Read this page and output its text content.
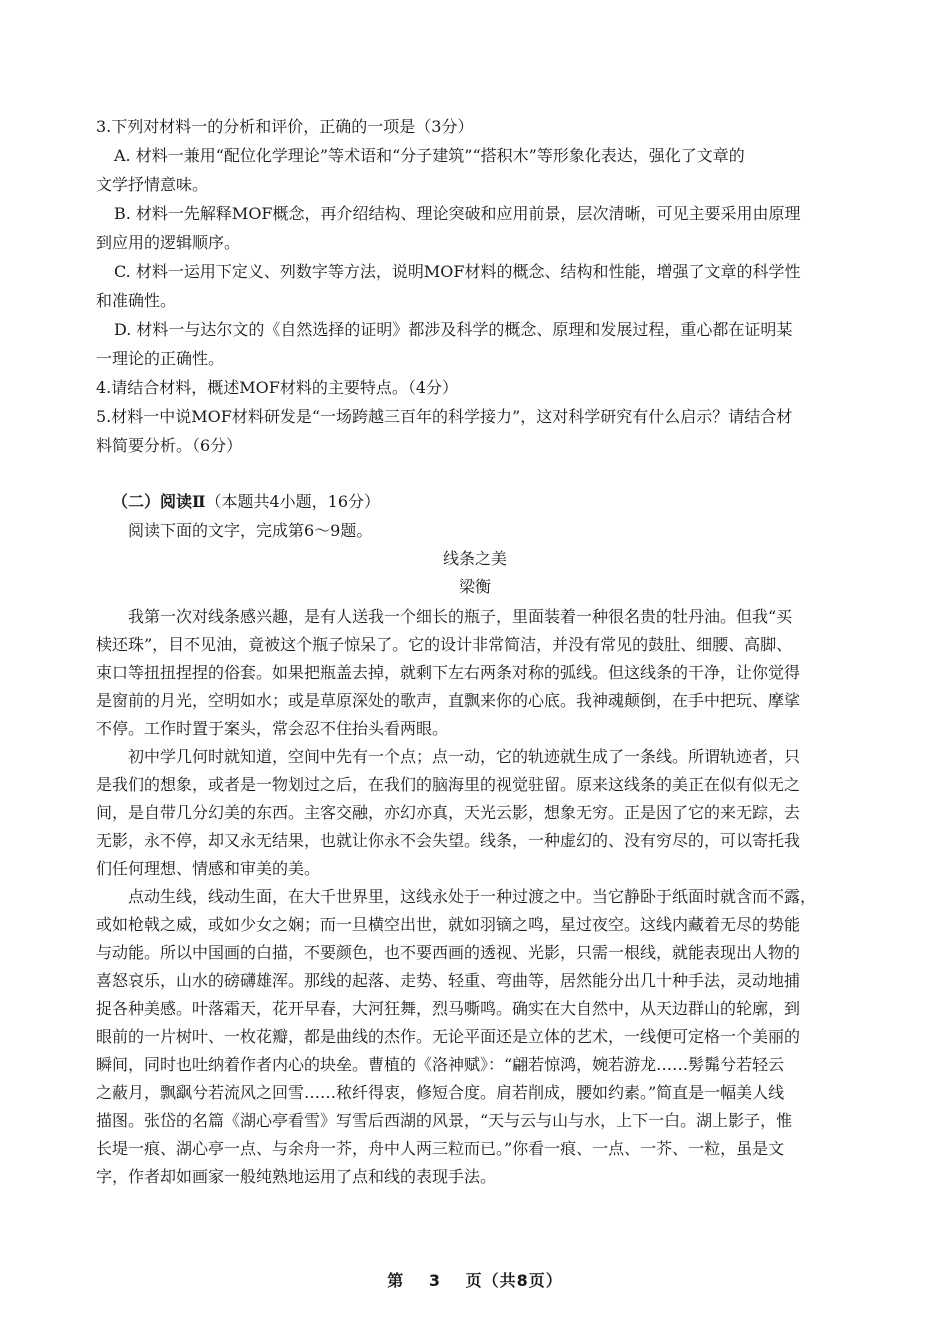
3.下列对材料一的分析和评价，正确的一项是（3分）
A. 材料一兼用“配位化学理论”等术语和“分子建筑”“搭积木”等形象化表达，强化了文章的
文学抒情意味。
B. 材料一先解释MOF概念，再介绍结构、理论突破和应用前景，层次清晰，可见主要采用由原理
到应用的逻辑顺序。
C. 材料一运用下定义、列数字等方法，说明MOF材料的概念、结构和性能，增强了文章的科学性
和准确性。
D. 材料一与达尔文的《自然选择的证明》都涉及科学的概念、原理和发展过程，重心都在证明某
一理论的正确性。
4.请结合材料，概述MOF材料的主要特点。（4分）
5.材料一中说MOF材料研发是“一场跨越三百年的科学接力”，这对科学研究有什么启示？请结合材
料简要分析。（6分）
（二）阅读Ⅱ（本题共4小题，16分）
阅读下面的文字，完成第6～9题。
线条之美
梁衡
我第一次对线条感兴趣，是有人送我一个细长的瓶子，里面装着一种很名贵的牡丹油。但我“买
椟还珠”，目不见油，竟被这个瓶子惊呆了。它的设计非常简洁，并没有常见的鼓肚、细腰、高脚、
束口等扭扭捏捏的俗套。如果把瓶盖去掉，就剩下左右两条对称的弧线。但这线条的干净，让你觉得
是窗前的月光，空明如水；或是草原深处的歌声，直飘来你的心底。我神魂颠倒，在手中把玩、摩挲
不停。工作时置于案头，常会忍不住抬头看两眼。
初中学几何时就知道，空间中先有一个点；点一动，它的轨迹就生成了一条线。所谓轨迹者，只
是我们的想象，或者是一物划过之后，在我们的脑海里的视觉驻留。原来这线条的美正在似有似无之
间，是自带几分幻美的东西。主客交融，亦幻亦真，天光云影，想象无穷。正是因了它的来无踪，去
无影，永不停，却又永无结果，也就让你永不会失望。线条，一种虚幻的、没有穷尽的，可以寄托我
们任何理想、情感和审美的美。
点动生线，线动生面，在大千世界里，这线永处于一种过渡之中。当它静卧于纸面时就含而不露，
或如枪戟之威，或如少女之娴；而一旦横空出世，就如羽镝之鸣，星过夜空。这线内藏着无尽的势能
与动能。所以中国画的白描，不要颜色，也不要西画的透视、光影，只需一根线，就能表现出人物的
喜怒哀乐，山水的磅礴雄浑。那线的起落、走势、轻重、弯曲等，居然能分出几十种手法，灵动地捕
捉各种美感。叶落霜天，花开早春，大河狂舞，烈马嘶鸣。确实在大自然中，从天边群山的轮廓，到
眼前的一片树叶、一枚花瓣，都是曲线的杰作。无论平面还是立体的艺术，一线便可定格一个美丽的
瞬间，同时也吐纳着作者内心的块垒。曹植的《洛神赋》：“翩若惊鸿，婉若游龙……髣髴兮若轻云
之蔽月，飘飖兮若流风之回雪……秾纤得衷，修短合度。肩若削成，腰如约素。”简直是一幅美人线
描图。张岱的名篇《湖心亭看雪》写雪后西湖的风景，“天与云与山与水，上下一白。湖上影子，惟
长堤一痕、湖心亭一点、与余舟一芥，舟中人两三粒而已。”你看一痕、一点、一芥、一粒，虽是文
字，作者却如画家一般纯熟地运用了点和线的表现手法。
第 3 页（共8页）
